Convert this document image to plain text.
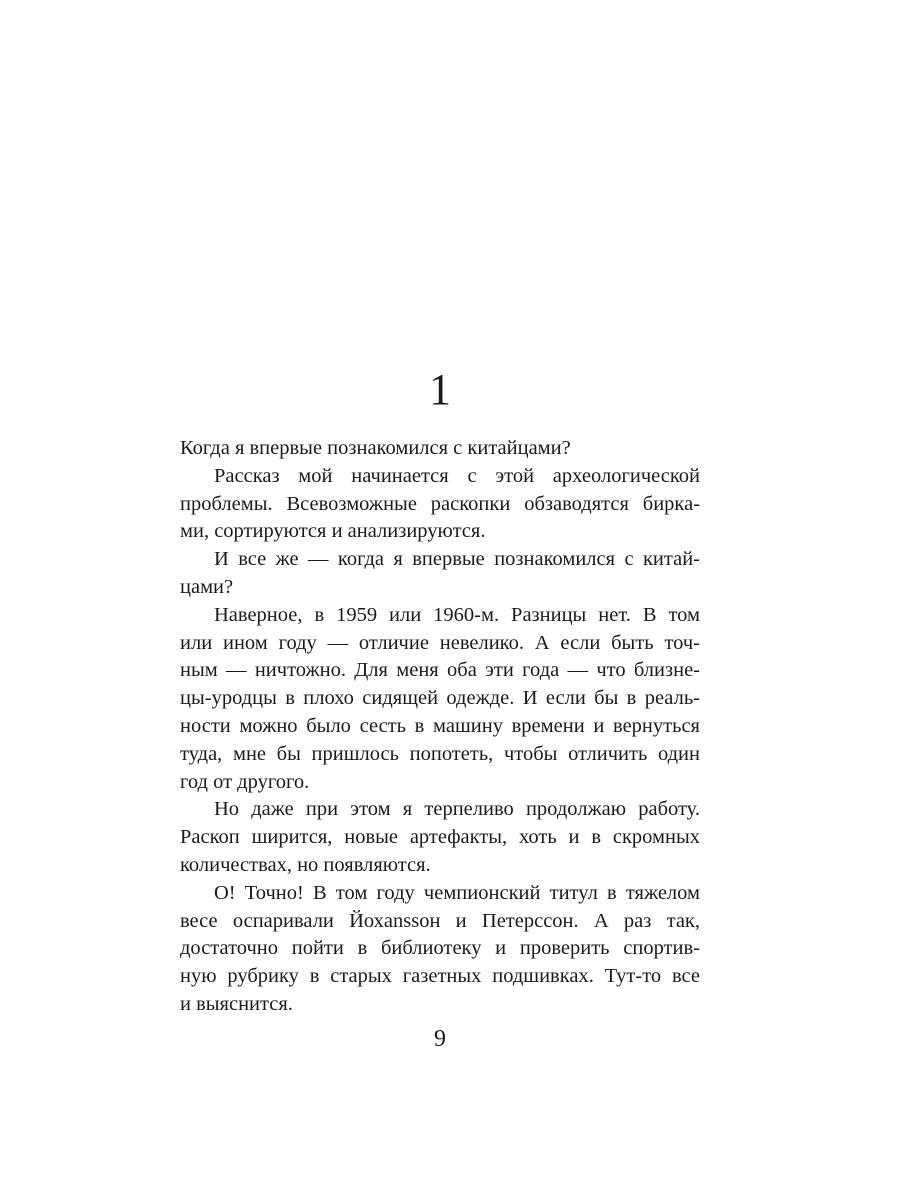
1
Когда я впервые познакомился с китайцами?
Рассказ мой начинается с этой археологической
проблемы. Всевозможные раскопки обзаводятся бирка-
ми, сортируются и анализируются.
И все же — когда я впервые познакомился с китай-
цами?
Наверное, в 1959 или 1960-м. Разницы нет. В том
или ином году — отличие невелико. А если быть точ-
ным — ничтожно. Для меня оба эти года — что близне-
цы-уродцы в плохо сидящей одежде. И если бы в реаль-
ности можно было сесть в машину времени и вернуться
туда, мне бы пришлось попотеть, чтобы отличить один
год от другого.
Но даже при этом я терпеливо продолжаю работу.
Раскоп ширится, новые артефакты, хоть и в скромных
количествах, но появляются.
О! Точно! В том году чемпионский титул в тяжелом
весе оспаривали Йохanssон и Петерссон. А раз так,
достаточно пойти в библиотеку и проверить спортив-
ную рубрику в старых газетных подшивках. Тут-то все
и выяснится.
9
